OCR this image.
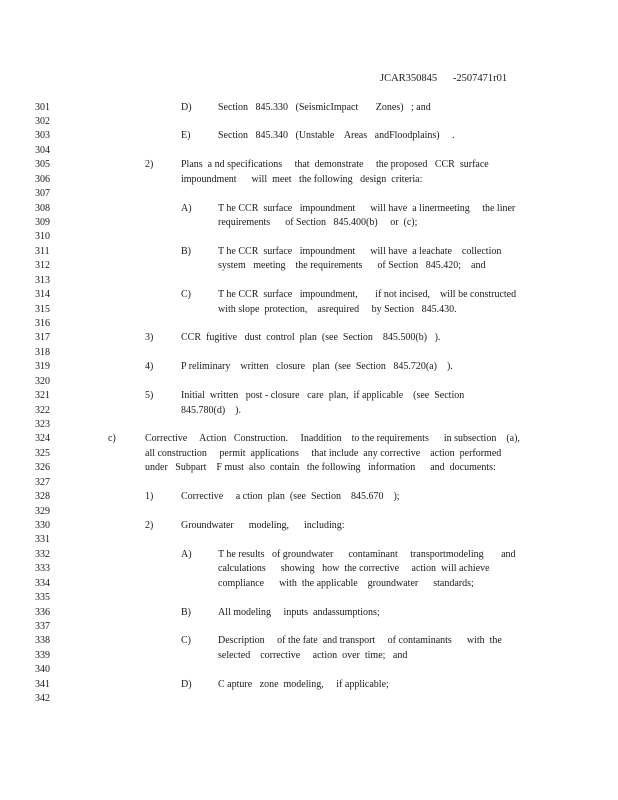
JCAR350845 -2507471r01
301	D)	Section   845.330   (SeismicImpact       Zones)   ; and
302
303	E)	Section   845.340   (Unstable    Areas   andFloodplains)     .
304
305	2)	Plans  a nd specifications     that  demonstrate     the proposed   CCR  surface
306	impoundment      will  meet   the following   design  criteria:
307
308	A)	T he CCR  surface   impoundment      will have  a linermeeting     the liner
309	requirements      of Section   845.400(b)     or  (c);
310
311	B)	T he CCR  surface   impoundment      will have  a leachate    collection
312	system   meeting    the requirements      of Section   845.420;    and
313
314	C)	T he CCR  surface   impoundment,       if not incised,    will be constructed
315	with slope  protection,    asrequired     by Section   845.430.
316
317	3)	CCR  fugitive   dust  control  plan  (see  Section    845.500(b)   ).
318
319	4)	P reliminary    written   closure   plan  (see  Section   845.720(a)    ).
320
321	5)	Initial  written   post - closure   care  plan,  if applicable    (see  Section
322	845.780(d)    ).
323
324	c)	Corrective     Action   Construction.     Inaddition    to the requirements      in subsection    (a),
325	all construction     permit  applications     that include  any corrective    action  performed
326	under   Subpart    F must  also  contain   the following   information      and  documents:
327
328	1)	Corrective     a ction  plan  (see  Section    845.670    );
329
330	2)	Groundwater      modeling,      including:
331
332	A)	T he results   of groundwater      contaminant     transportmodeling       and
333	calculations      showing   how  the corrective     action  will achieve
334	compliance      with  the applicable    groundwater      standards;
335
336	B)	All modeling     inputs  andassumptions;
337
338	C)	Description     of the fate  and transport     of contaminants      with  the
339	selected    corrective     action  over  time;   and
340
341	D)	C apture   zone  modeling,     if applicable;
342
